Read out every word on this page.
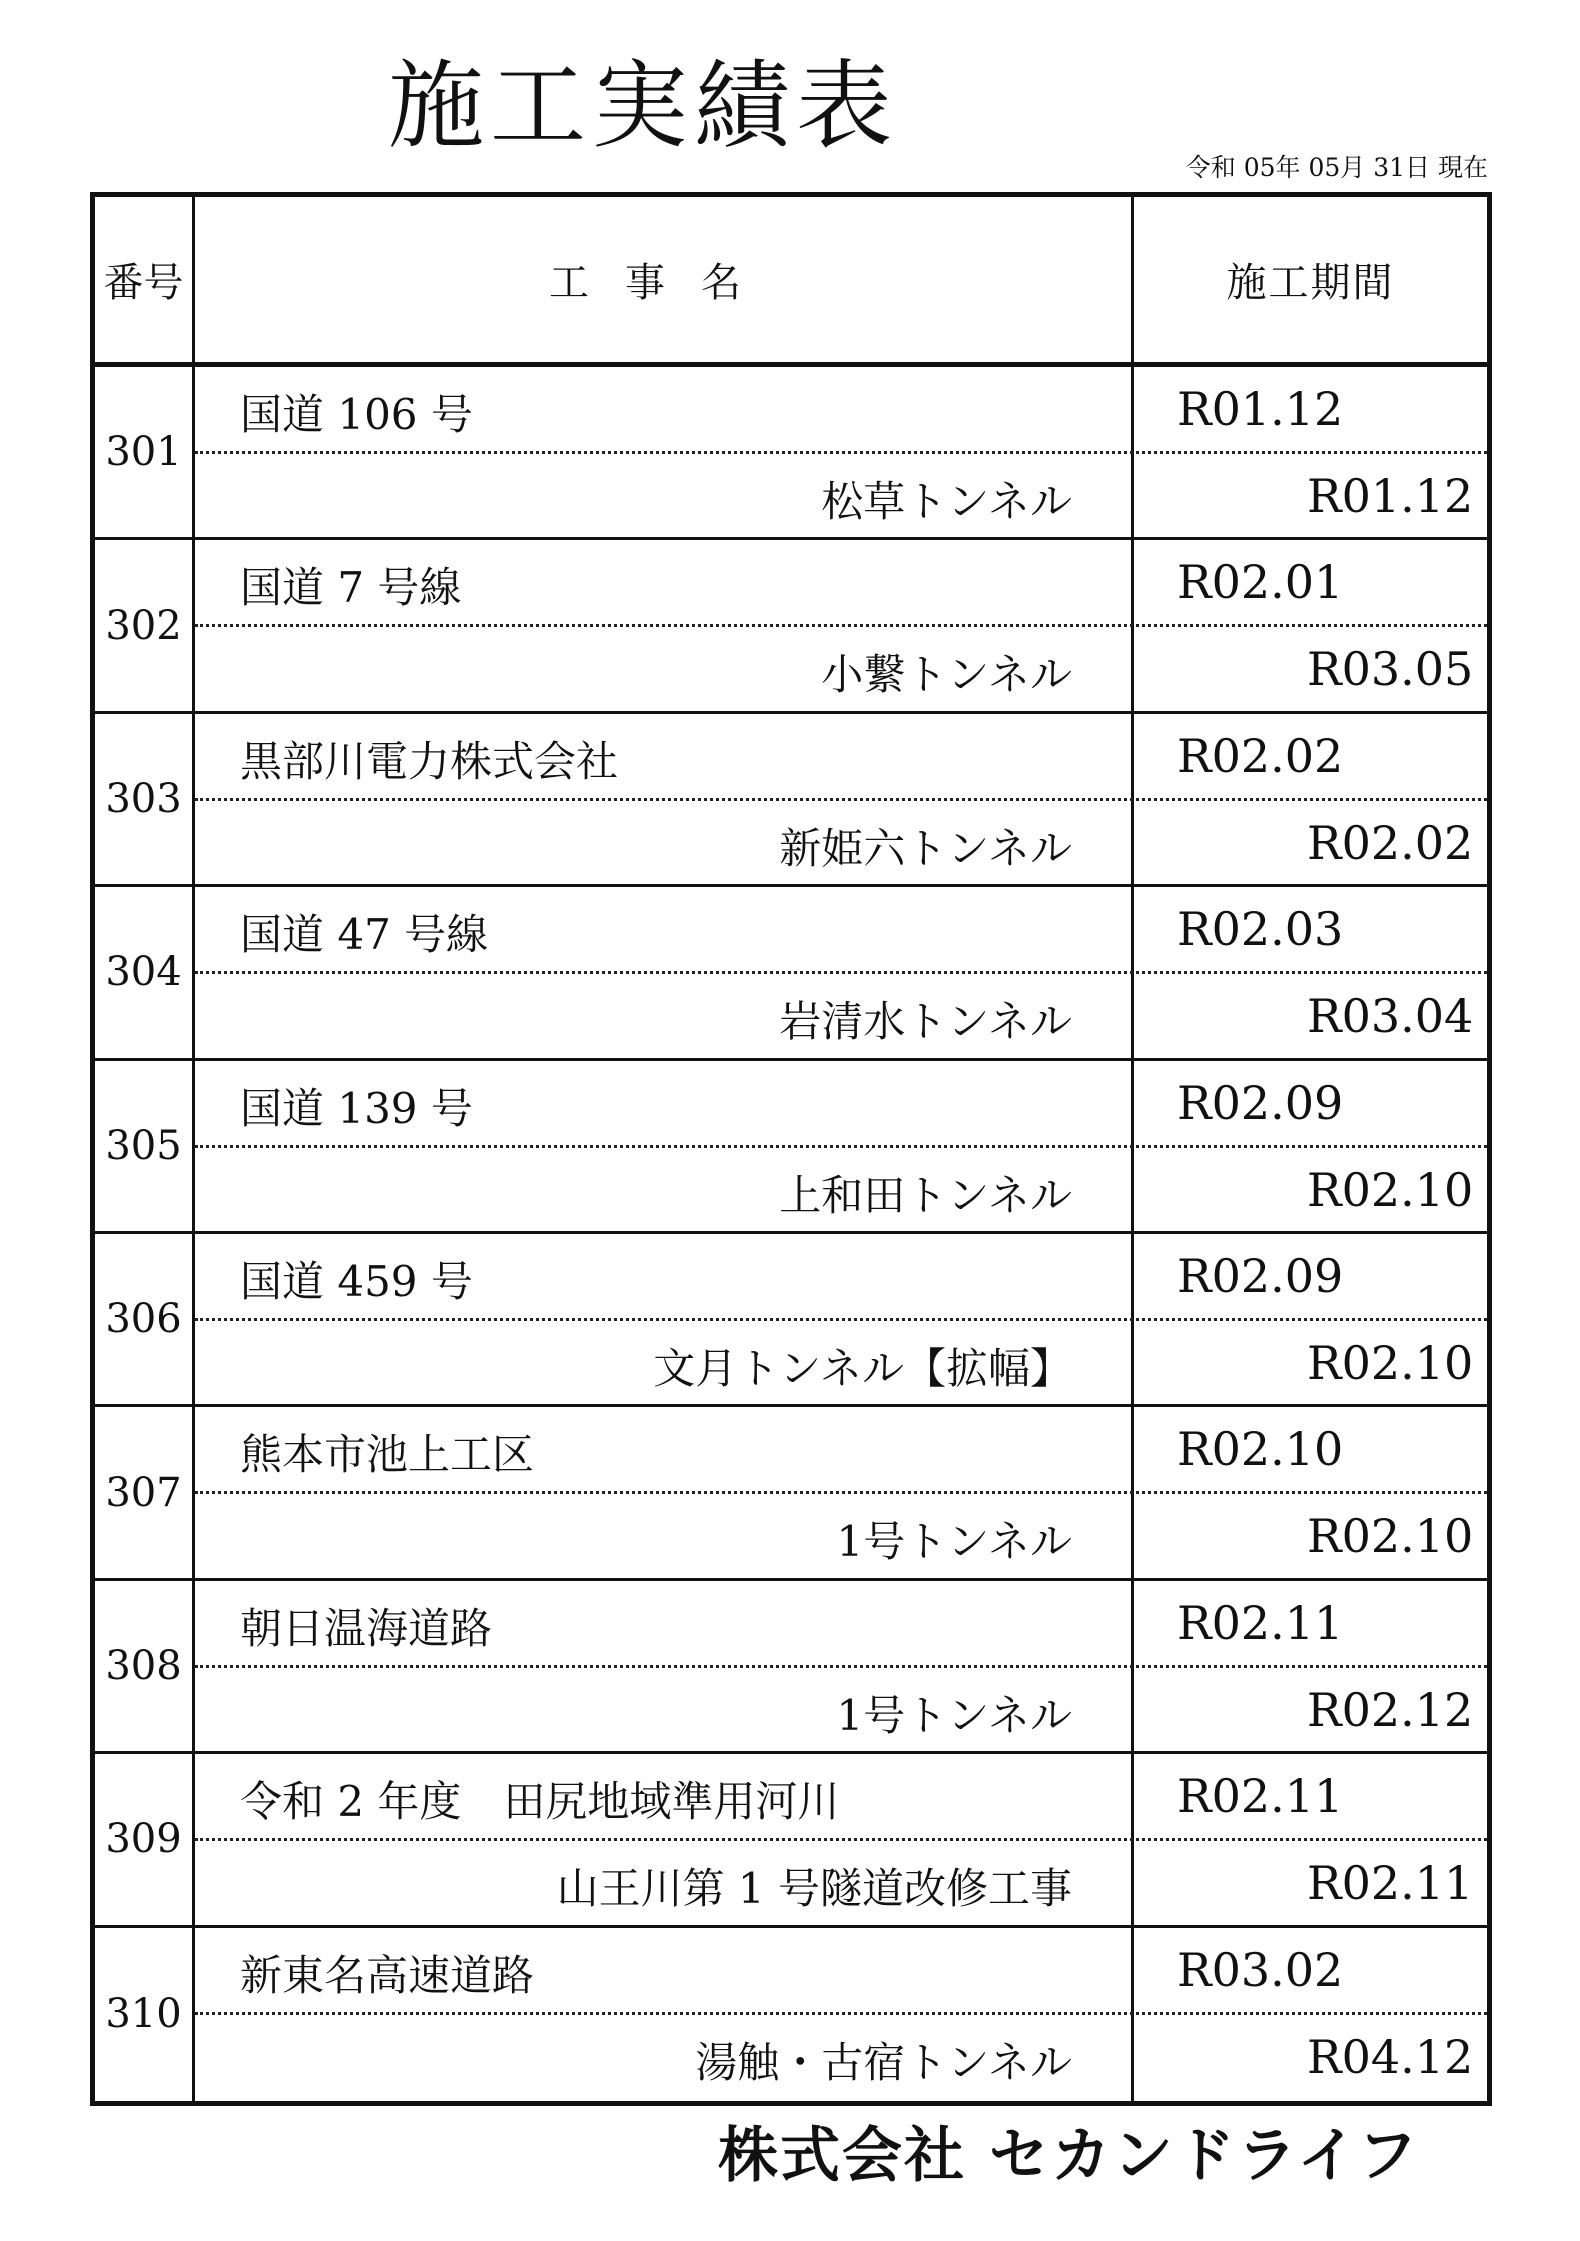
施工実績表
令和 05年 05月 31日 現在
番号	工事名	施工期間
301
国道 106 号
松草トンネル
R01.12
R01.12
302
国道 7 号線
小繋トンネル
R02.01
R03.05
303
黒部川電力株式会社
新姫六トンネル
R02.02
R02.02
304
国道 47 号線
岩清水トンネル
R02.03
R03.04
305
国道 139 号
上和田トンネル
R02.09
R02.10
306
国道 459 号
文月トンネル【拡幅】
R02.09
R02.10
307
熊本市池上工区
1号トンネル
R02.10
R02.10
308
朝日温海道路
1号トンネル
R02.11
R02.12
309
令和 2 年度　田尻地域準用河川
山王川第 1 号隧道改修工事
R02.11
R02.11
310
新東名高速道路
湯触・古宿トンネル
R03.02
R04.12
株式会社 セカンドライフ
